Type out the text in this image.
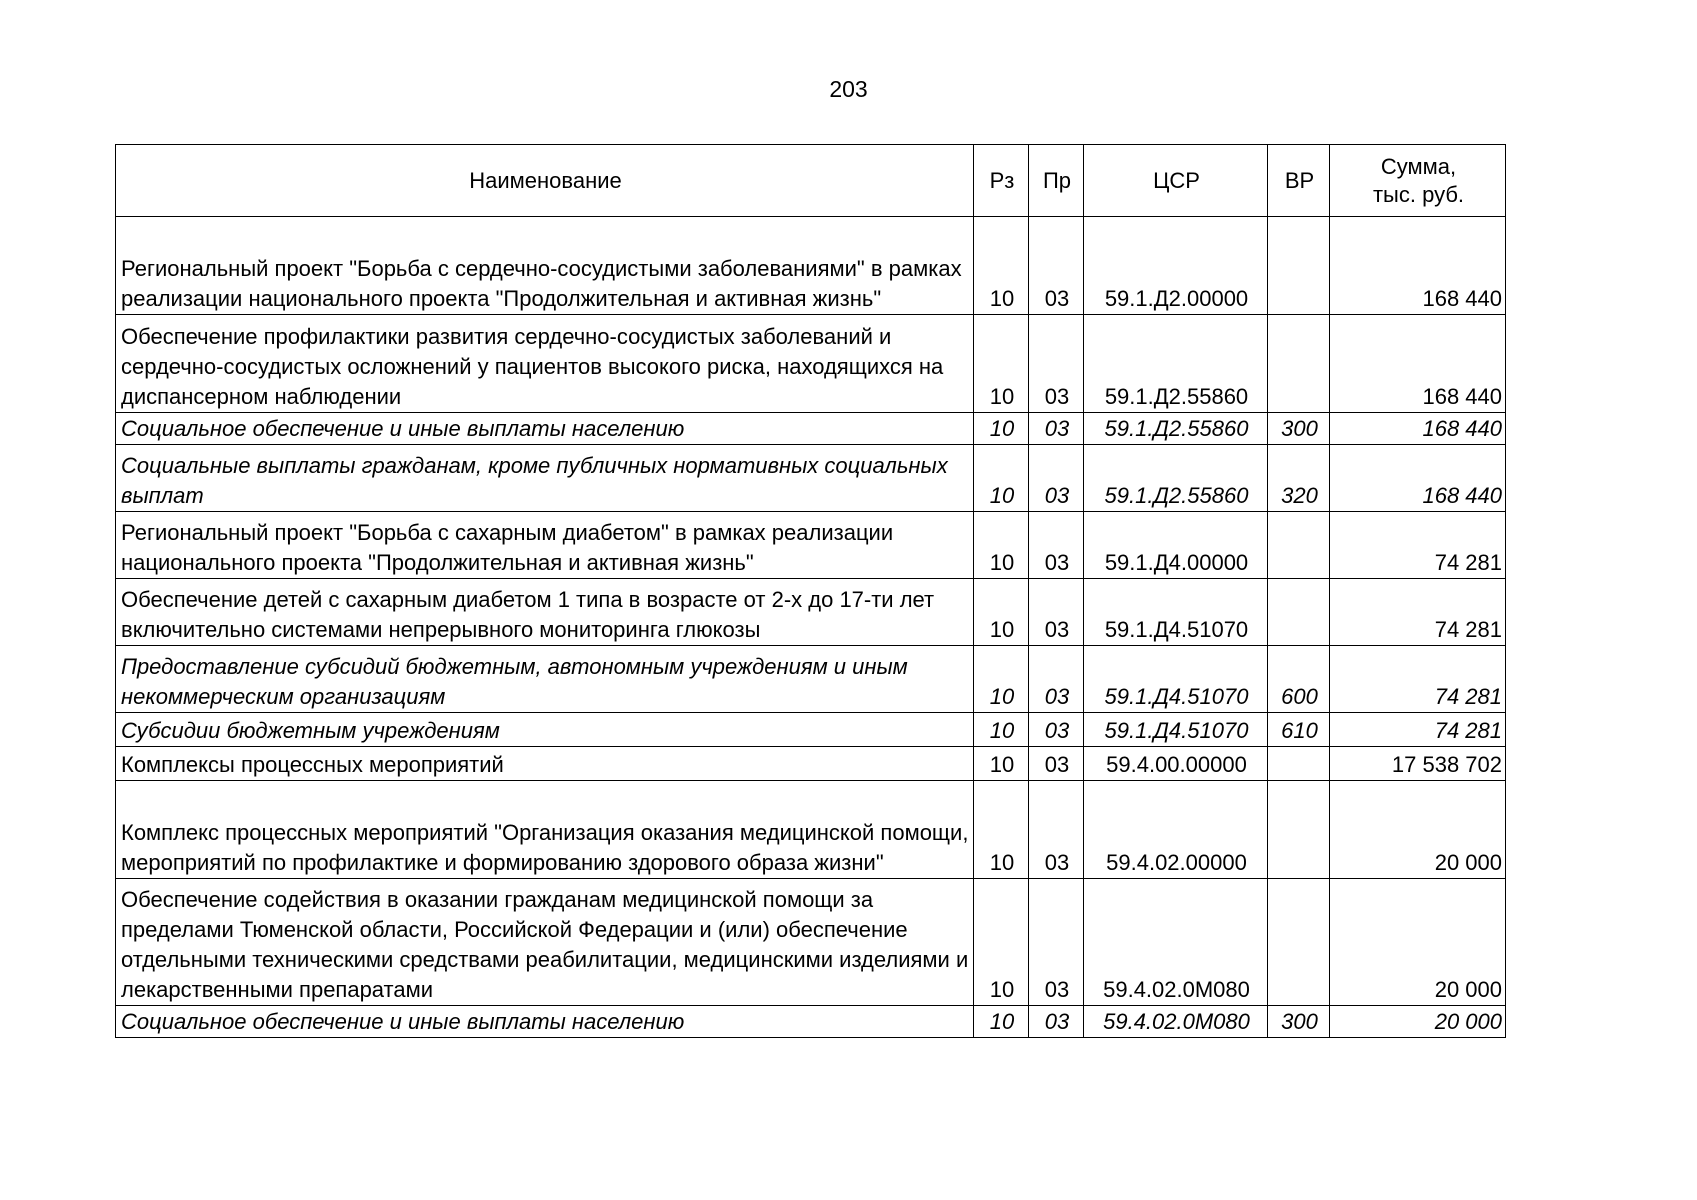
203
Наименование	Рз	Пр	ЦСР	ВР	Сумма,
тыс. руб.

Региональный проект "Борьба с сердечно-сосудистыми заболеваниями" в рамках реализации национального проекта "Продолжительная и активная жизнь"	10	03	59.1.Д2.00000		168 440
Обеспечение профилактики развития сердечно-сосудистых заболеваний и сердечно-сосудистых осложнений у пациентов высокого риска, находящихся на диспансерном наблюдении	10	03	59.1.Д2.55860		168 440
Социальное обеспечение и иные выплаты населению	10	03	59.1.Д2.55860	300	168 440
Социальные выплаты гражданам, кроме публичных нормативных социальных выплат	10	03	59.1.Д2.55860	320	168 440
Региональный проект "Борьба с сахарным диабетом" в рамках реализации национального проекта "Продолжительная и активная жизнь"	10	03	59.1.Д4.00000		74 281
Обеспечение детей с сахарным диабетом 1 типа в возрасте от 2-х до 17-ти лет включительно системами непрерывного мониторинга глюкозы	10	03	59.1.Д4.51070		74 281
Предоставление субсидий бюджетным, автономным учреждениям и иным некоммерческим организациям	10	03	59.1.Д4.51070	600	74 281
Субсидии бюджетным учреждениям	10	03	59.1.Д4.51070	610	74 281
Комплексы процессных мероприятий	10	03	59.4.00.00000		17 538 702
Комплекс процессных мероприятий "Организация оказания медицинской помощи, мероприятий по профилактике и формированию здорового образа жизни"	10	03	59.4.02.00000		20 000
Обеспечение содействия в оказании гражданам медицинской помощи за пределами Тюменской области, Российской Федерации и (или) обеспечение отдельными техническими средствами реабилитации, медицинскими изделиями и лекарственными препаратами	10	03	59.4.02.0М080		20 000
Социальное обеспечение и иные выплаты населению	10	03	59.4.02.0М080	300	20 000
